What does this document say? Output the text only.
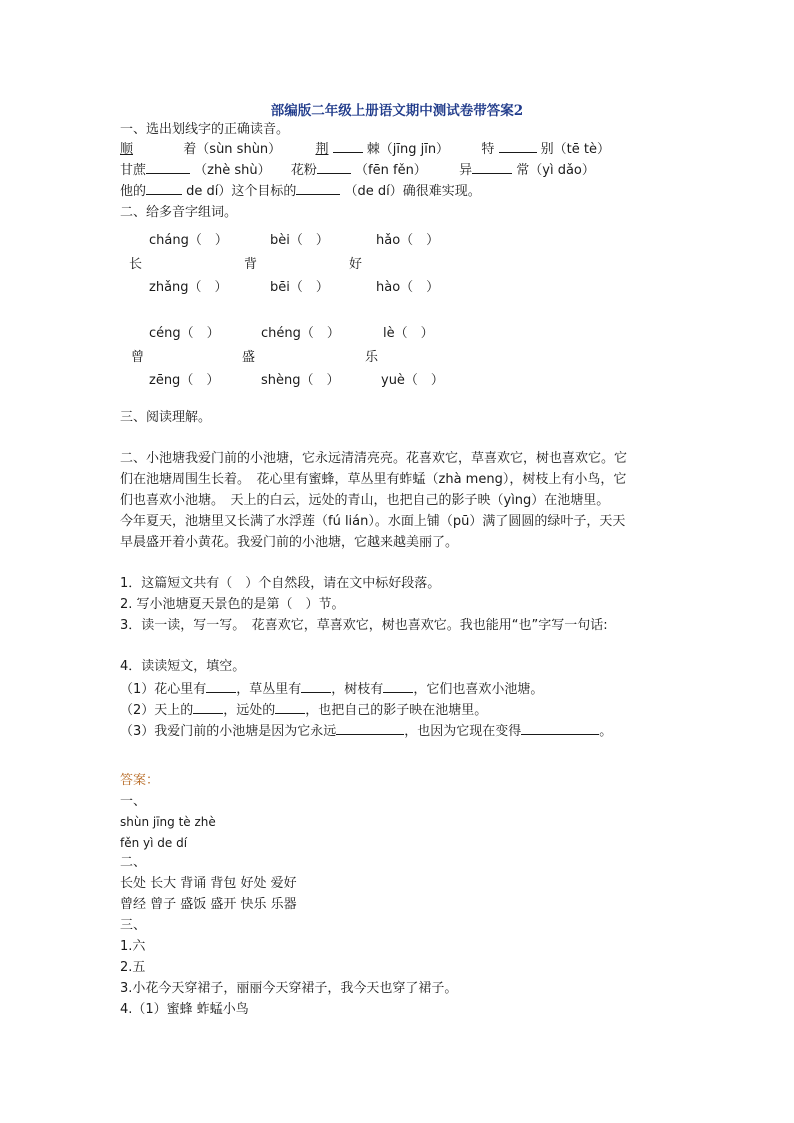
部编版二年级上册语文期中测试卷带答案2
一、选出划线字的正确读音。
顺	着（sùn shùn）	荆	棘（jīng jīn） 特	别（tē tè）
甘蔗	（zhè shù） 花粉	（fēn fěn） 异	常（yì dǎo）
他的	de dí）这个目标的	（de dí）确很难实现。
二、给多音字组词。
cháng（　）	bèi（　）	hǎo（　）
长	背	好
zhǎng（　）	bēi（　）	hào（　）
céng（　）	chéng（　）	lè（　）
曾	盛	乐
zēng（　）	shèng（　）	yuè（　）
三、阅读理解。
二、小池塘我爱门前的小池塘，它永远清清亮亮。花喜欢它，草喜欢它，树也喜欢它。它
们在池塘周围生长着。　花心里有蜜蜂，草丛里有蚱蜢（zhà meng），树枝上有小鸟，它
们也喜欢小池塘。　天上的白云，远处的青山，也把自己的影子映（yìng）在池塘里。
今年夏天，池塘里又长满了水浮莲（fú lián）。水面上铺（pū）满了圆圆的绿叶子，天天
早晨盛开着小黄花。我爱门前的小池塘，它越来越美丽了。
1．这篇短文共有（　）个自然段，请在文中标好段落。
2. 写小池塘夏天景色的是第（　）节。
3．读一读，写一写。　花喜欢它，草喜欢它，树也喜欢它。我也能用“也”字写一句话:
4．读读短文，填空。
（1）花心里有 ，草丛里有 ，树枝有 ，它们也喜欢小池塘。
（2）天上的 ，远处的 ，也把自己的影子映在池塘里。
（3）我爱门前的小池塘是因为它永远	，也因为它现在变得	。
答案：
一、
shùn jīng tè zhè
fěn yì de dí
二、
长处 长大 背诵 背包 好处 爱好
曾经 曾子 盛饭 盛开 快乐 乐器
三、
1.六
2.五
3.小花今天穿裙子，丽丽今天穿裙子，我今天也穿了裙子。
4.（1）蜜蜂 蚱蜢小鸟
